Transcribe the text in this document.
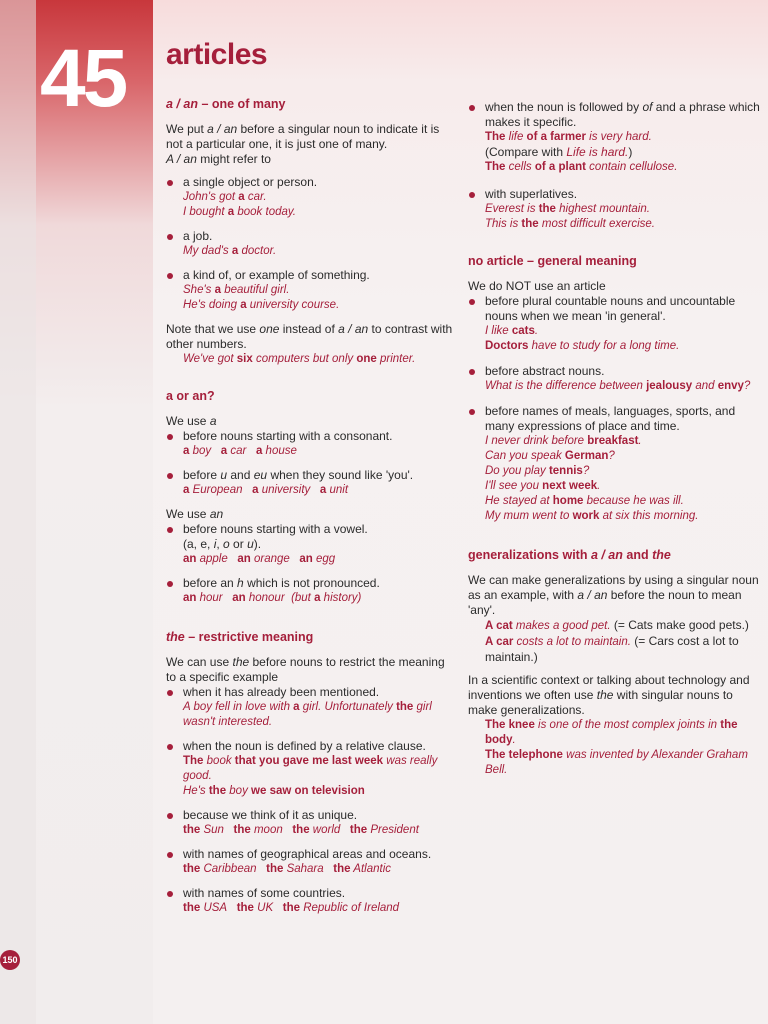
45 articles
a / an – one of many

We put a / an before a singular noun to indicate it is not a particular one, it is just one of many.

A / an might refer to

a single object or person.
John's got a car.
I bought a book today.
a job.
My dad's a doctor.
a kind of, or example of something.
She's a beautiful girl.
He's doing a university course.

Note that we use one instead of a / an to contrast with other numbers.

We've got six computers but only one printer.
a or an?

We use a

before nouns starting with a consonant.
a boy a car a house
before u and eu when they sound like 'you'.
a European a university a unit

We use an

before nouns starting with a vowel.
(a, e, i, o or u).
an apple an orange an egg
before an h which is not pronounced.
an hour an honour (but a history)
the – restrictive meaning

We can use the before nouns to restrict the meaning to a specific example

when it has already been mentioned.
A boy fell in love with a girl. Unfortunately the girl wasn't interested.
when the noun is defined by a relative clause.
The book that you gave me last week was really good.
He's the boy we saw on television
because we think of it as unique.
the Sun the moon the world the President
with names of geographical areas and oceans.
the Caribbean the Sahara the Atlantic
with names of some countries.
the USA the UK the Republic of Ireland
when the noun is followed by of and a phrase which makes it specific.
The life of a farmer is very hard.
(Compare with Life is hard.)
The cells of a plant contain cellulose.
with superlatives.
Everest is the highest mountain.
This is the most difficult exercise.
no article – general meaning

We do NOT use an article

before plural countable nouns and uncountable nouns when we mean 'in general'.
I like cats.
Doctors have to study for a long time.
before abstract nouns.
What is the difference between jealousy and envy?
before names of meals, languages, sports, and many expressions of place and time.
I never drink before breakfast.
Can you speak German?
Do you play tennis?
I'll see you next week.
He stayed at home because he was ill.
My mum went to work at six this morning.
generalizations with a / an and the

We can make generalizations by using a singular noun as an example, with a / an before the noun to mean 'any'.

A cat makes a good pet. (= Cats make good pets.)
A car costs a lot to maintain. (= Cars cost a lot to maintain.)

In a scientific context or talking about technology and inventions we often use the with singular nouns to make generalizations.

The knee is one of the most complex joints in the body.
The telephone was invented by Alexander Graham Bell.
150
